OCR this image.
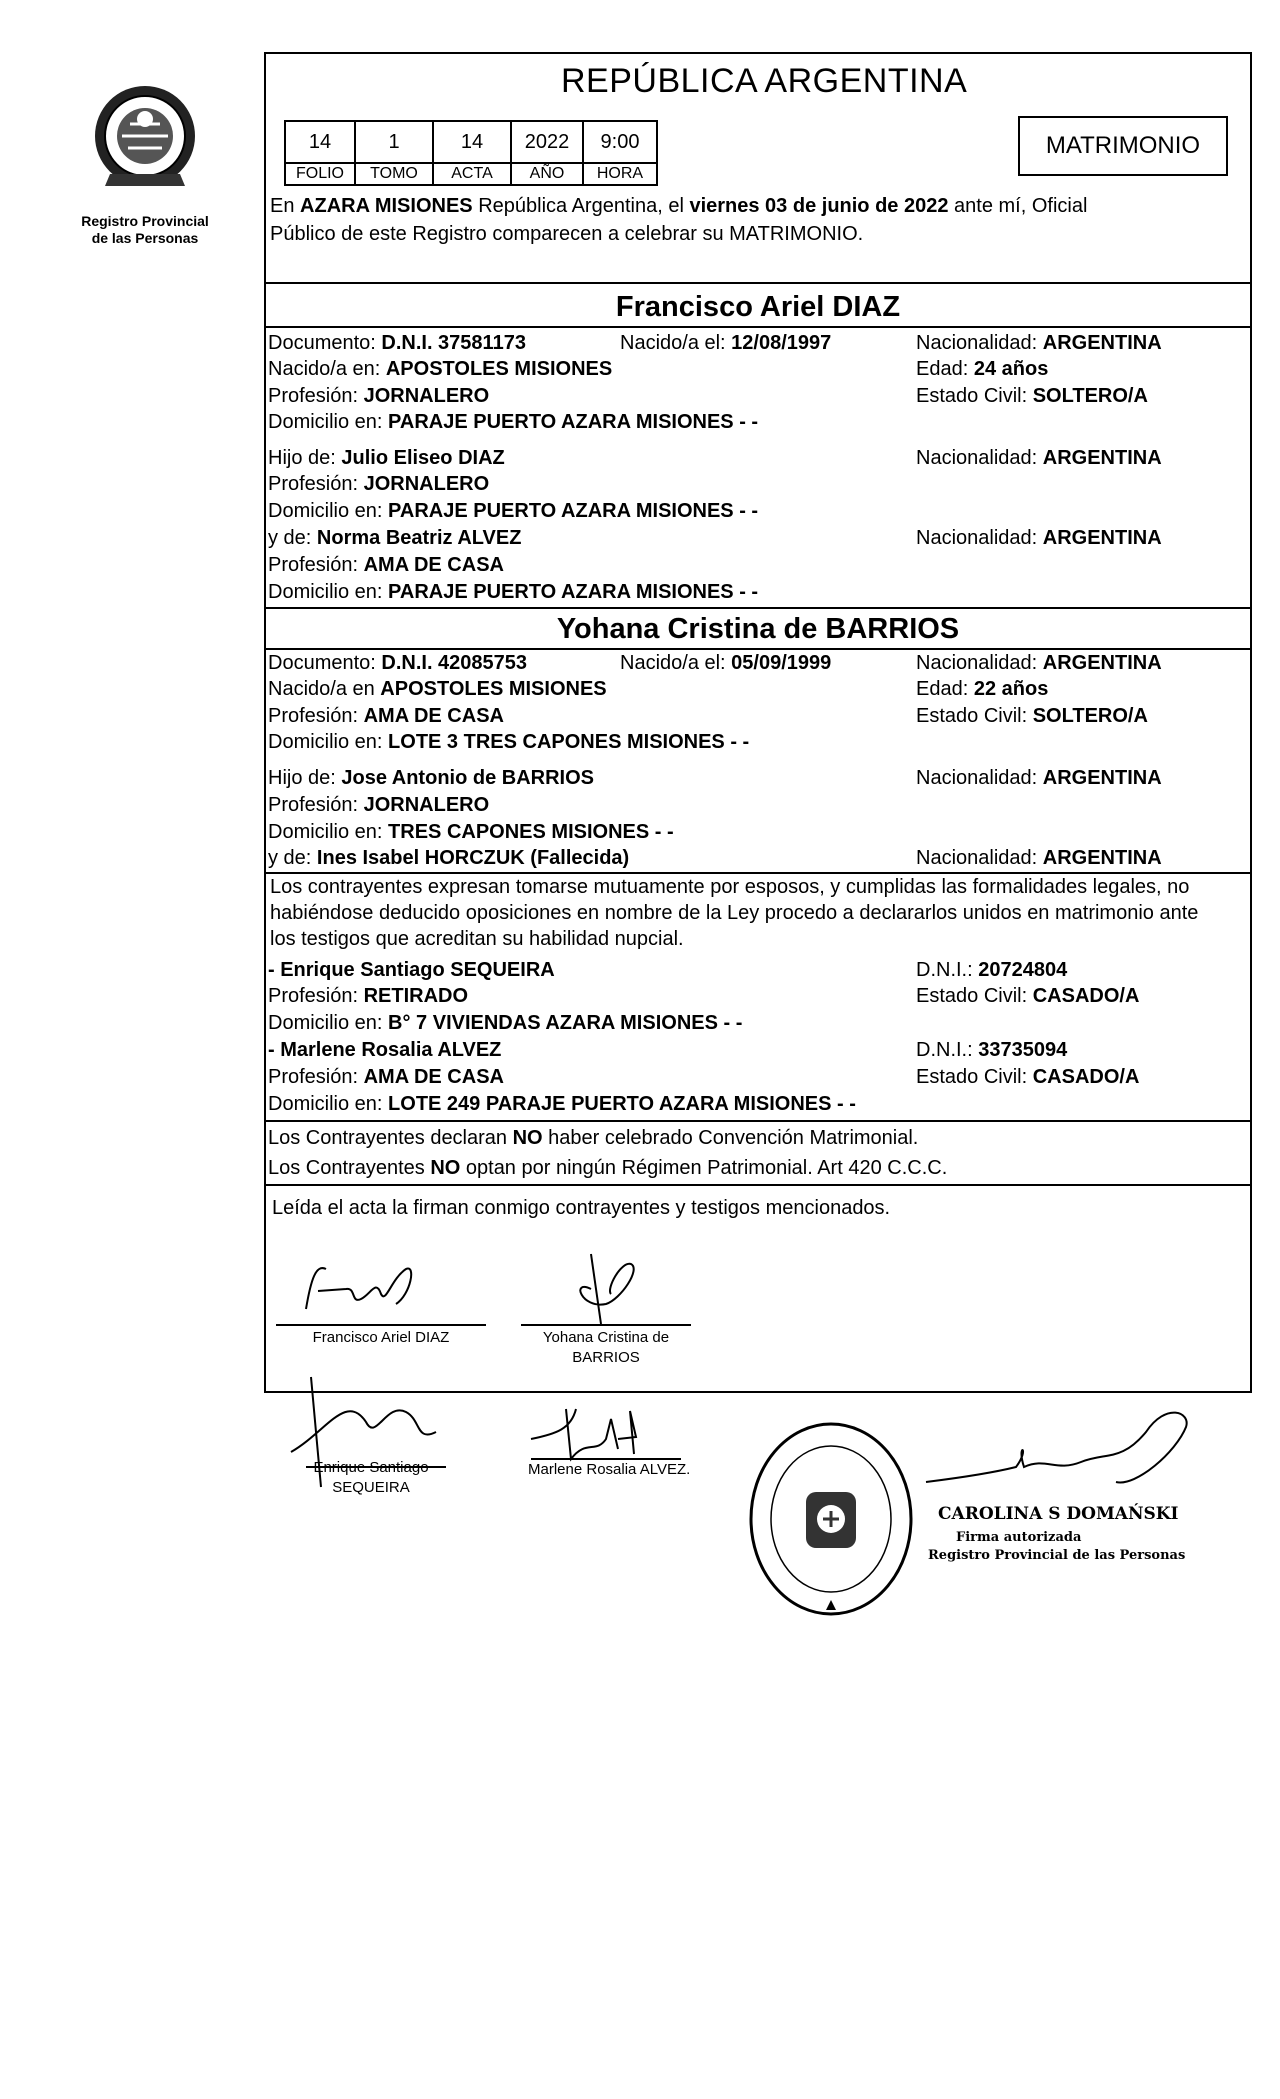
Registro Provincial
de las Personas
REPÚBLICA ARGENTINA
14	1	14	2022	9:00
FOLIO	TOMO	ACTA	AÑO	HORA
MATRIMONIO
En AZARA MISIONES República Argentina, el viernes 03 de junio de 2022 ante mí, Oficial
Público de este Registro comparecen a celebrar su MATRIMONIO.
Francisco Ariel DIAZ
Documento: D.N.I. 37581173	Nacido/a el: 12/08/1997	Nacionalidad: ARGENTINA
Nacido/a en: APOSTOLES MISIONES	Edad: 24 años
Profesión: JORNALERO	Estado Civil: SOLTERO/A
Domicilio en: PARAJE PUERTO AZARA MISIONES - -
Hijo de: Julio Eliseo DIAZ	Nacionalidad: ARGENTINA
Profesión: JORNALERO
Domicilio en: PARAJE PUERTO AZARA MISIONES - -
y de: Norma Beatriz ALVEZ	Nacionalidad: ARGENTINA
Profesión: AMA DE CASA
Domicilio en: PARAJE PUERTO AZARA MISIONES - -
Yohana Cristina de BARRIOS
Documento: D.N.I. 42085753	Nacido/a el: 05/09/1999	Nacionalidad: ARGENTINA
Nacido/a en APOSTOLES MISIONES	Edad: 22 años
Profesión: AMA DE CASA	Estado Civil: SOLTERO/A
Domicilio en: LOTE 3 TRES CAPONES MISIONES - -
Hijo de: Jose Antonio de BARRIOS	Nacionalidad: ARGENTINA
Profesión: JORNALERO
Domicilio en: TRES CAPONES MISIONES - -
y de: Ines Isabel HORCZUK (Fallecida)	Nacionalidad: ARGENTINA
Los contrayentes expresan tomarse mutuamente por esposos, y cumplidas las formalidades legales, no
habiéndose deducido oposiciones en nombre de la Ley procedo a declararlos unidos en matrimonio ante
los testigos que acreditan su habilidad nupcial.
- Enrique Santiago SEQUEIRA	D.N.I.: 20724804
Profesión: RETIRADO	Estado Civil: CASADO/A
Domicilio en: B° 7 VIVIENDAS AZARA MISIONES - -
- Marlene Rosalia ALVEZ	D.N.I.: 33735094
Profesión: AMA DE CASA	Estado Civil: CASADO/A
Domicilio en: LOTE 249 PARAJE PUERTO AZARA MISIONES - -
Los Contrayentes declaran NO haber celebrado Convención Matrimonial.
Los Contrayentes NO optan por ningún Régimen Patrimonial. Art 420 C.C.C.
Leída el acta la firman conmigo contrayentes y testigos mencionados.
Francisco Ariel DIAZ	Yohana Cristina de
BARRIOS
Enrique Santiago
SEQUEIRA
Marlene Rosalia ALVEZ.
CAROLINA S DOMAŃSKI
Firma autorizada
Registro Provincial de las Personas
